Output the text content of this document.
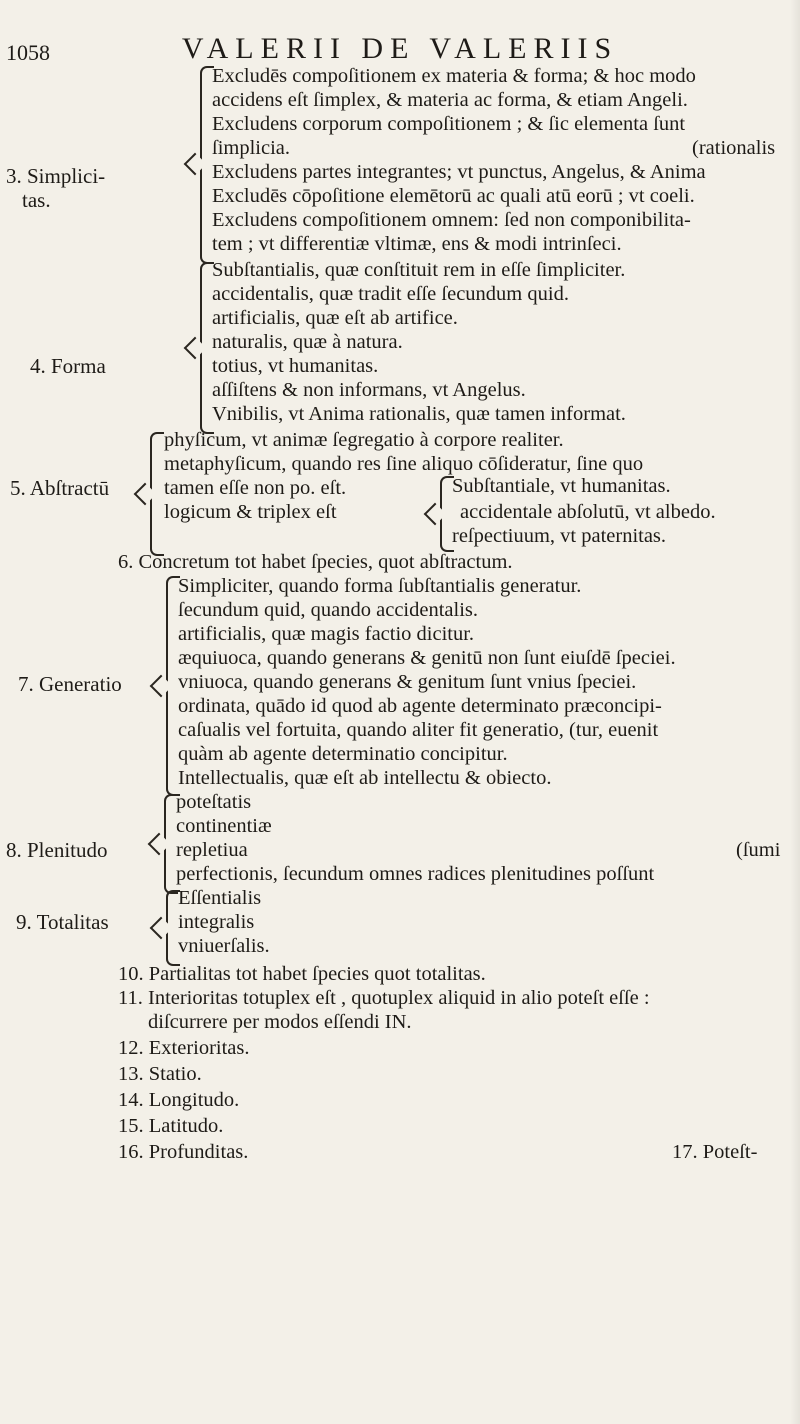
1058	VALERII DE VALERIIS
3. Simplici-
tas.
Excludēs compoſitionem ex materia & forma; & hoc modo
accidens eſt ſimplex, & materia ac forma, & etiam Angeli.
Excludens corporum compoſitionem ; & ſic elementa ſunt
ſimplicia.	(rationalis
Excludens partes integrantes; vt punctus, Angelus, & Anima
Excludēs cōpoſitione elemētorū ac quali atū eorū ; vt coeli.
Excludens compoſitionem omnem: ſed non componibilita-
tem ; vt differentiæ vltimæ, ens & modi intrinſeci.
4. Forma
Subſtantialis, quæ conſtituit rem in eſſe ſimpliciter.
accidentalis, quæ tradit eſſe ſecundum quid.
artificialis, quæ eſt ab artifice.
naturalis, quæ à natura.
totius, vt humanitas.
aſſiſtens & non informans, vt Angelus.
Vnibilis, vt Anima rationalis, quæ tamen informat.
5. Abſtractū
phyſicum, vt animæ ſegregatio à corpore realiter.
metaphyſicum, quando res ſine aliquo cōſideratur, ſine quo
tamen eſſe non po. eſt.	Subſtantiale, vt humanitas.
logicum & triplex eſt	accidentale abſolutū, vt albedo.
reſpectiuum, vt paternitas.
6. Concretum tot habet ſpecies, quot abſtractum.
7. Generatio
Simpliciter, quando forma ſubſtantialis generatur.
ſecundum quid, quando accidentalis.
artificialis, quæ magis factio dicitur.
æquiuoca, quando generans & genitū non ſunt eiuſdē ſpeciei.
vniuoca, quando generans & genitum ſunt vnius ſpeciei.
ordinata, quādo id quod ab agente determinato præconcipi-
caſualis vel fortuita, quando aliter fit generatio, (tur, euenit
quàm ab agente determinatio concipitur.
Intellectualis, quæ eſt ab intellectu & obiecto.
8. Plenitudo
poteſtatis
continentiæ
repletiua	(ſumi
perfectionis, ſecundum omnes radices plenitudines poſſunt
9. Totalitas
Eſſentialis
integralis
vniuerſalis.
10. Partialitas tot habet ſpecies quot totalitas.
11. Interioritas totuplex eſt , quotuplex aliquid in alio poteſt eſſe :
diſcurrere per modos eſſendi IN.
12. Exterioritas.
13. Statio.
14. Longitudo.
15. Latitudo.
16. Profunditas.	17. Poteſt-
